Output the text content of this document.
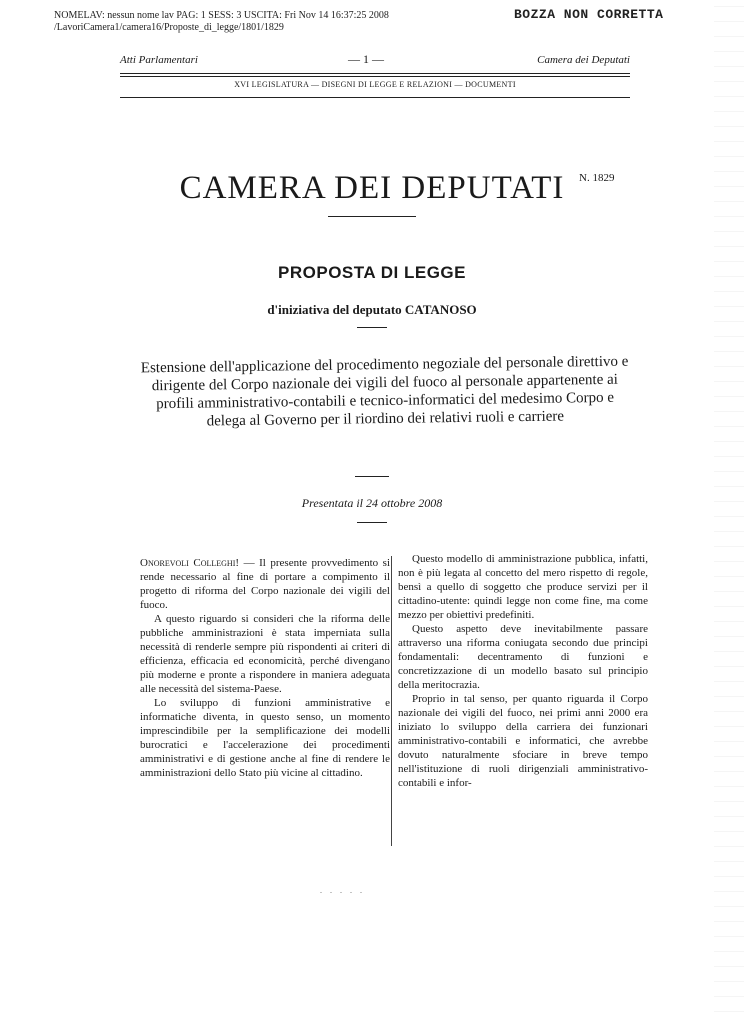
NOMELAV: nessun nome lav PAG: 1 SESS: 3 USCITA: Fri Nov 14 16:37:25 2008
/LavoriCamera1/camera16/Proposte_di_legge/1801/1829
BOZZA NON CORRETTA
Atti Parlamentari	— 1 —	Camera dei Deputati
XVI LEGISLATURA — DISEGNI DI LEGGE E RELAZIONI — DOCUMENTI
CAMERA DEI DEPUTATI	N. 1829
PROPOSTA DI LEGGE
d'iniziativa del deputato CATANOSO
Estensione dell'applicazione del procedimento negoziale del personale direttivo e dirigente del Corpo nazionale dei vigili del fuoco al personale appartenente ai profili amministrativo-contabili e tecnico-informatici del medesimo Corpo e delega al Governo per il riordino dei relativi ruoli e carriere
Presentata il 24 ottobre 2008

Onorevoli Colleghi! — Il presente provvedimento si rende necessario al fine di portare a compimento il progetto di riforma del Corpo nazionale dei vigili del fuoco.

A questo riguardo si consideri che la riforma delle pubbliche amministrazioni è stata imperniata sulla necessità di renderle sempre più rispondenti ai criteri di efficienza, efficacia ed economicità, perché divengano più moderne e pronte a rispondere in maniera adeguata alle necessità del sistema-Paese.

Lo sviluppo di funzioni amministrative e informatiche diventa, in questo senso, un momento imprescindibile per la semplificazione dei modelli burocratici e l'accelerazione dei procedimenti amministrativi e di gestione anche al fine di rendere le amministrazioni dello Stato più vicine al cittadino.

Questo modello di amministrazione pubblica, infatti, non è più legata al concetto del mero rispetto di regole, bensì a quello di soggetto che produce servizi per il cittadino-utente: quindi legge non come fine, ma come mezzo per obiettivi predefiniti.

Questo aspetto deve inevitabilmente passare attraverso una riforma coniugata secondo due principi fondamentali: decentramento di funzioni e concretizzazione di un modello basato sul principio della meritocrazia.

Proprio in tal senso, per quanto riguarda il Corpo nazionale dei vigili del fuoco, nei primi anni 2000 era iniziato lo sviluppo della carriera dei funzionari amministrativo-contabili e informatici, che avrebbe dovuto naturalmente sfociare in breve tempo nell'istituzione di ruoli dirigenziali amministrativo-contabili e infor-

. . . . .
